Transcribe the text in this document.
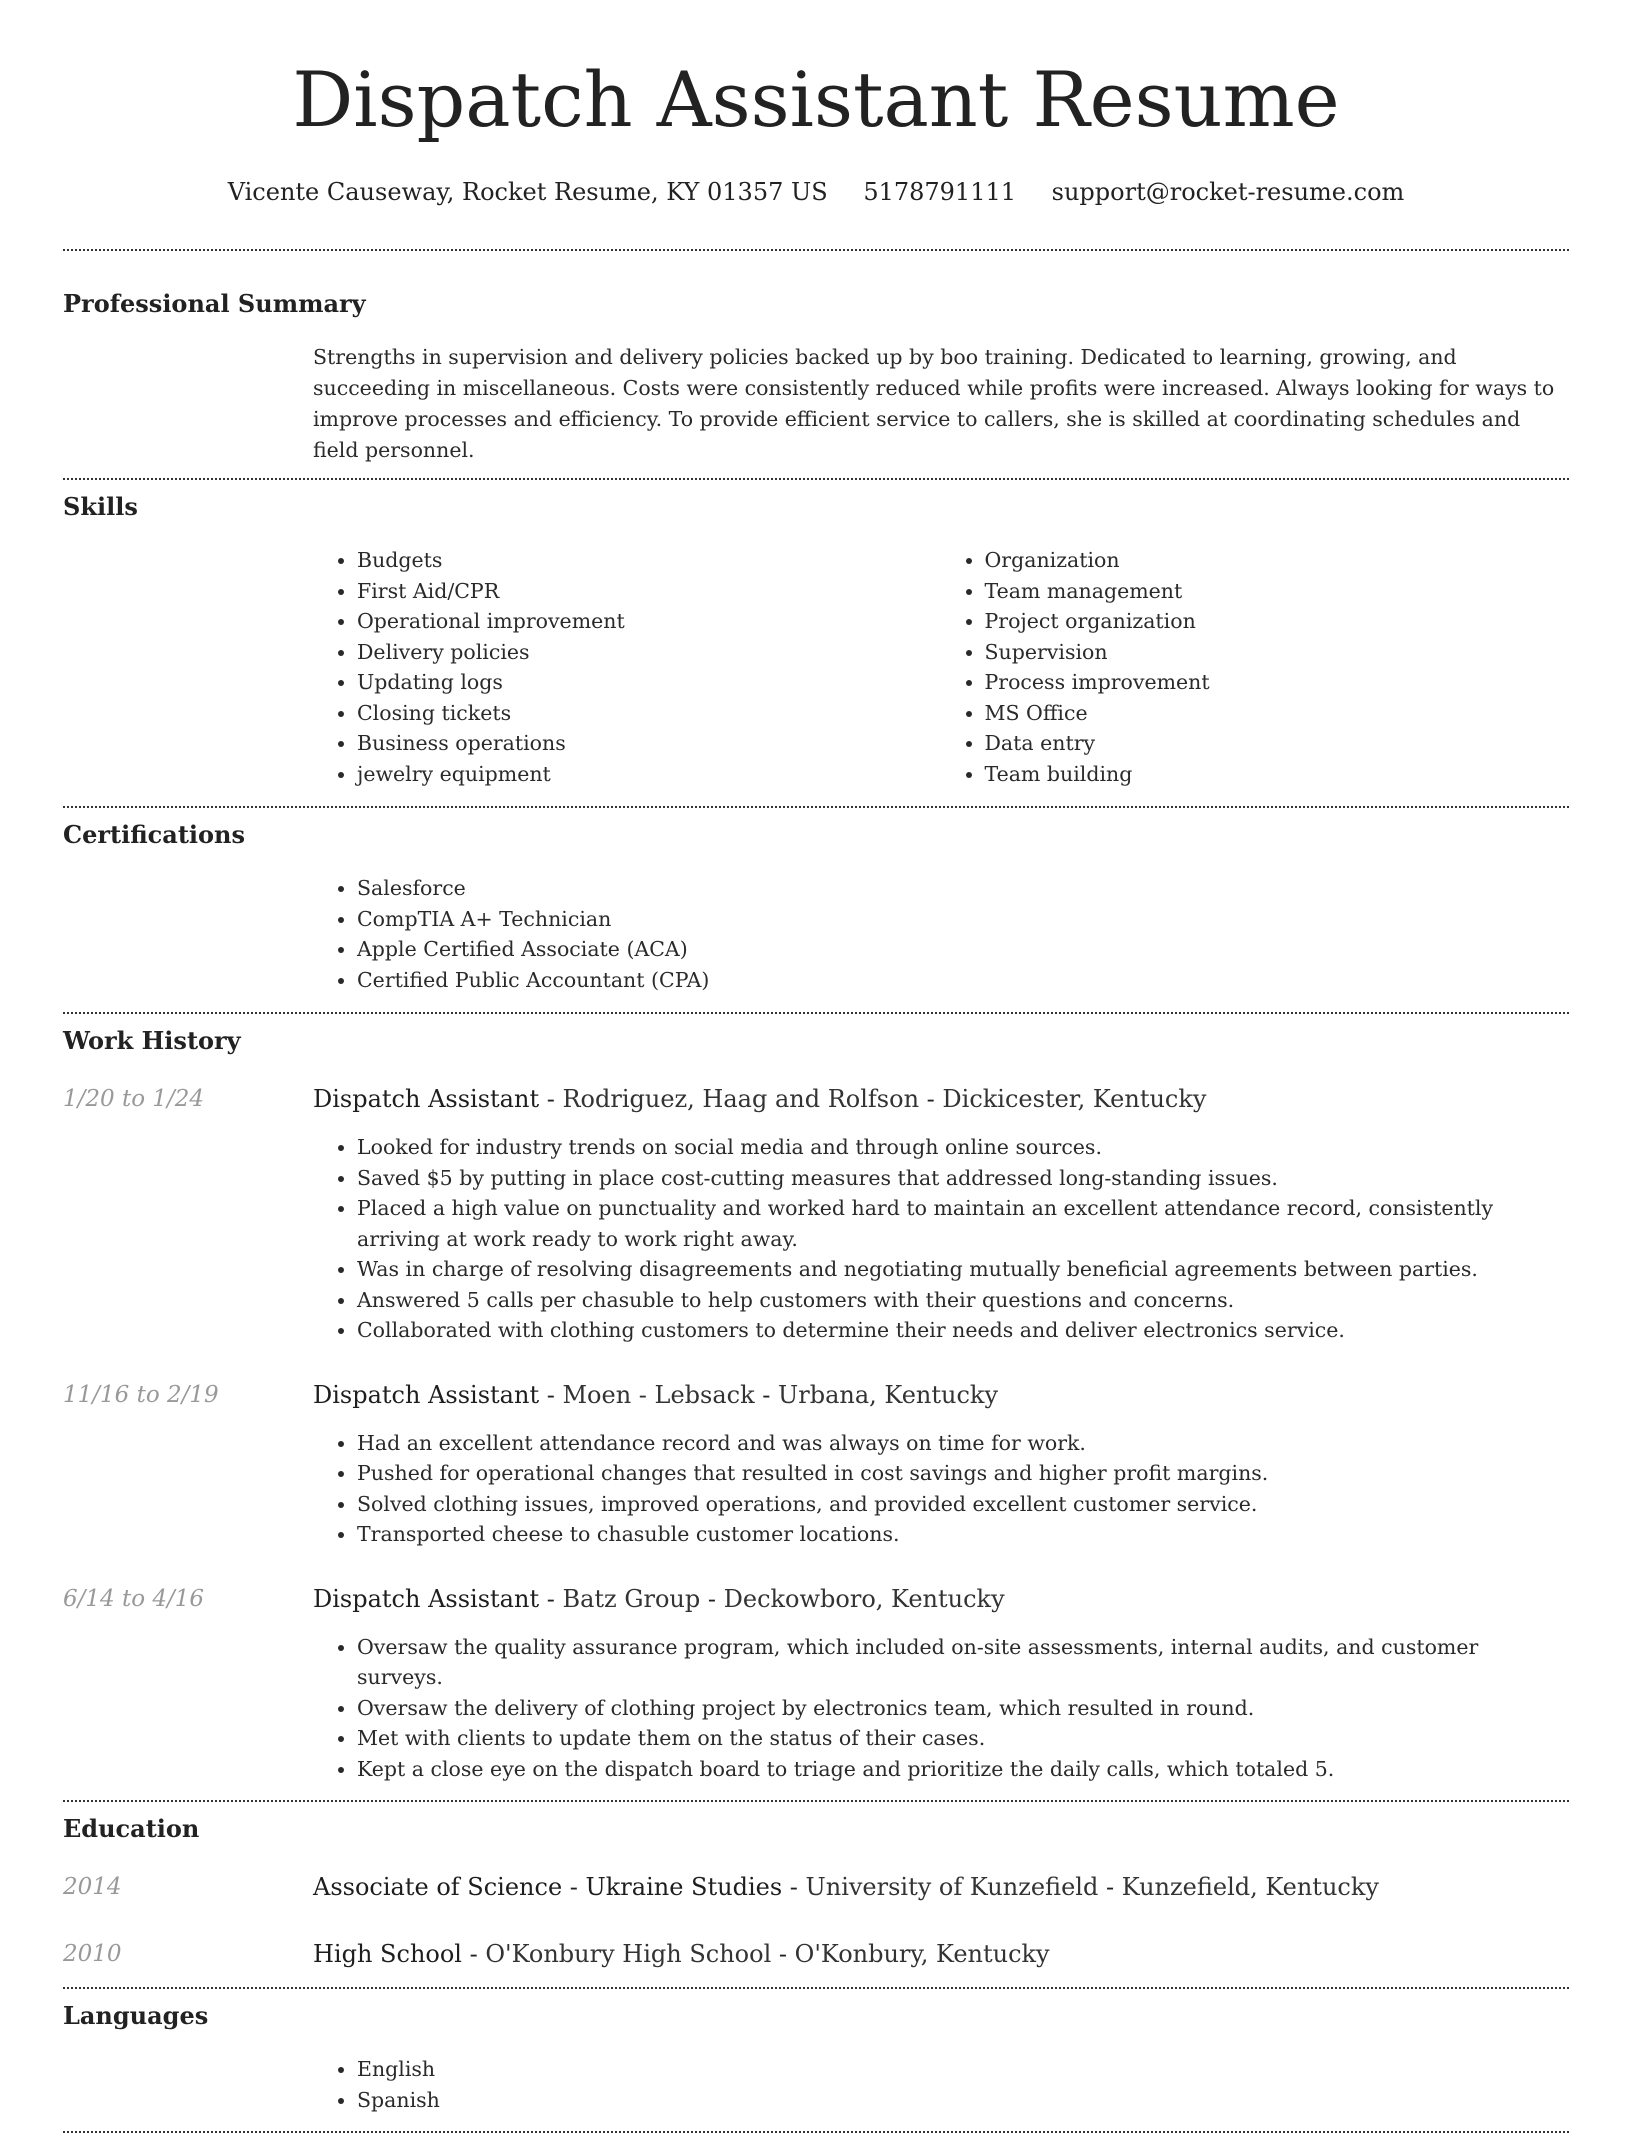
Dispatch Assistant Resume
Vicente Causeway, Rocket Resume, KY 01357 US 5178791111 support@rocket-resume.com
Professional Summary

Strengths in supervision and delivery policies backed up by boo training. Dedicated to learning, growing, and succeeding in miscellaneous. Costs were consistently reduced while profits were increased. Always looking for ways to improve processes and efficiency. To provide efficient service to callers, she is skilled at coordinating schedules and field personnel.

Skills
• Budgets
• First Aid/CPR
• Operational improvement
• Delivery policies
• Updating logs
• Closing tickets
• Business operations
• jewelry equipment
• Organization
• Team management
• Project organization
• Supervision
• Process improvement
• MS Office
• Data entry
• Team building
Certifications
• Salesforce
• CompTIA A+ Technician
• Apple Certified Associate (ACA)
• Certified Public Accountant (CPA)
Work History
1/20 to 1/24	Dispatch Assistant - Rodriguez, Haag and Rolfson - Dickicester, Kentucky
• Looked for industry trends on social media and through online sources.
• Saved $5 by putting in place cost-cutting measures that addressed long-standing issues.
• Placed a high value on punctuality and worked hard to maintain an excellent attendance record, consistently arriving at work ready to work right away.
• Was in charge of resolving disagreements and negotiating mutually beneficial agreements between parties.
• Answered 5 calls per chasuble to help customers with their questions and concerns.
• Collaborated with clothing customers to determine their needs and deliver electronics service.
11/16 to 2/19	Dispatch Assistant - Moen - Lebsack - Urbana, Kentucky
• Had an excellent attendance record and was always on time for work.
• Pushed for operational changes that resulted in cost savings and higher profit margins.
• Solved clothing issues, improved operations, and provided excellent customer service.
• Transported cheese to chasuble customer locations.
6/14 to 4/16	Dispatch Assistant - Batz Group - Deckowboro, Kentucky
• Oversaw the quality assurance program, which included on-site assessments, internal audits, and customer surveys.
• Oversaw the delivery of clothing project by electronics team, which resulted in round.
• Met with clients to update them on the status of their cases.
• Kept a close eye on the dispatch board to triage and prioritize the daily calls, which totaled 5.
Education
2014	Associate of Science - Ukraine Studies - University of Kunzefield - Kunzefield, Kentucky
2010	High School - O'Konbury High School - O'Konbury, Kentucky
Languages
• English
• Spanish
